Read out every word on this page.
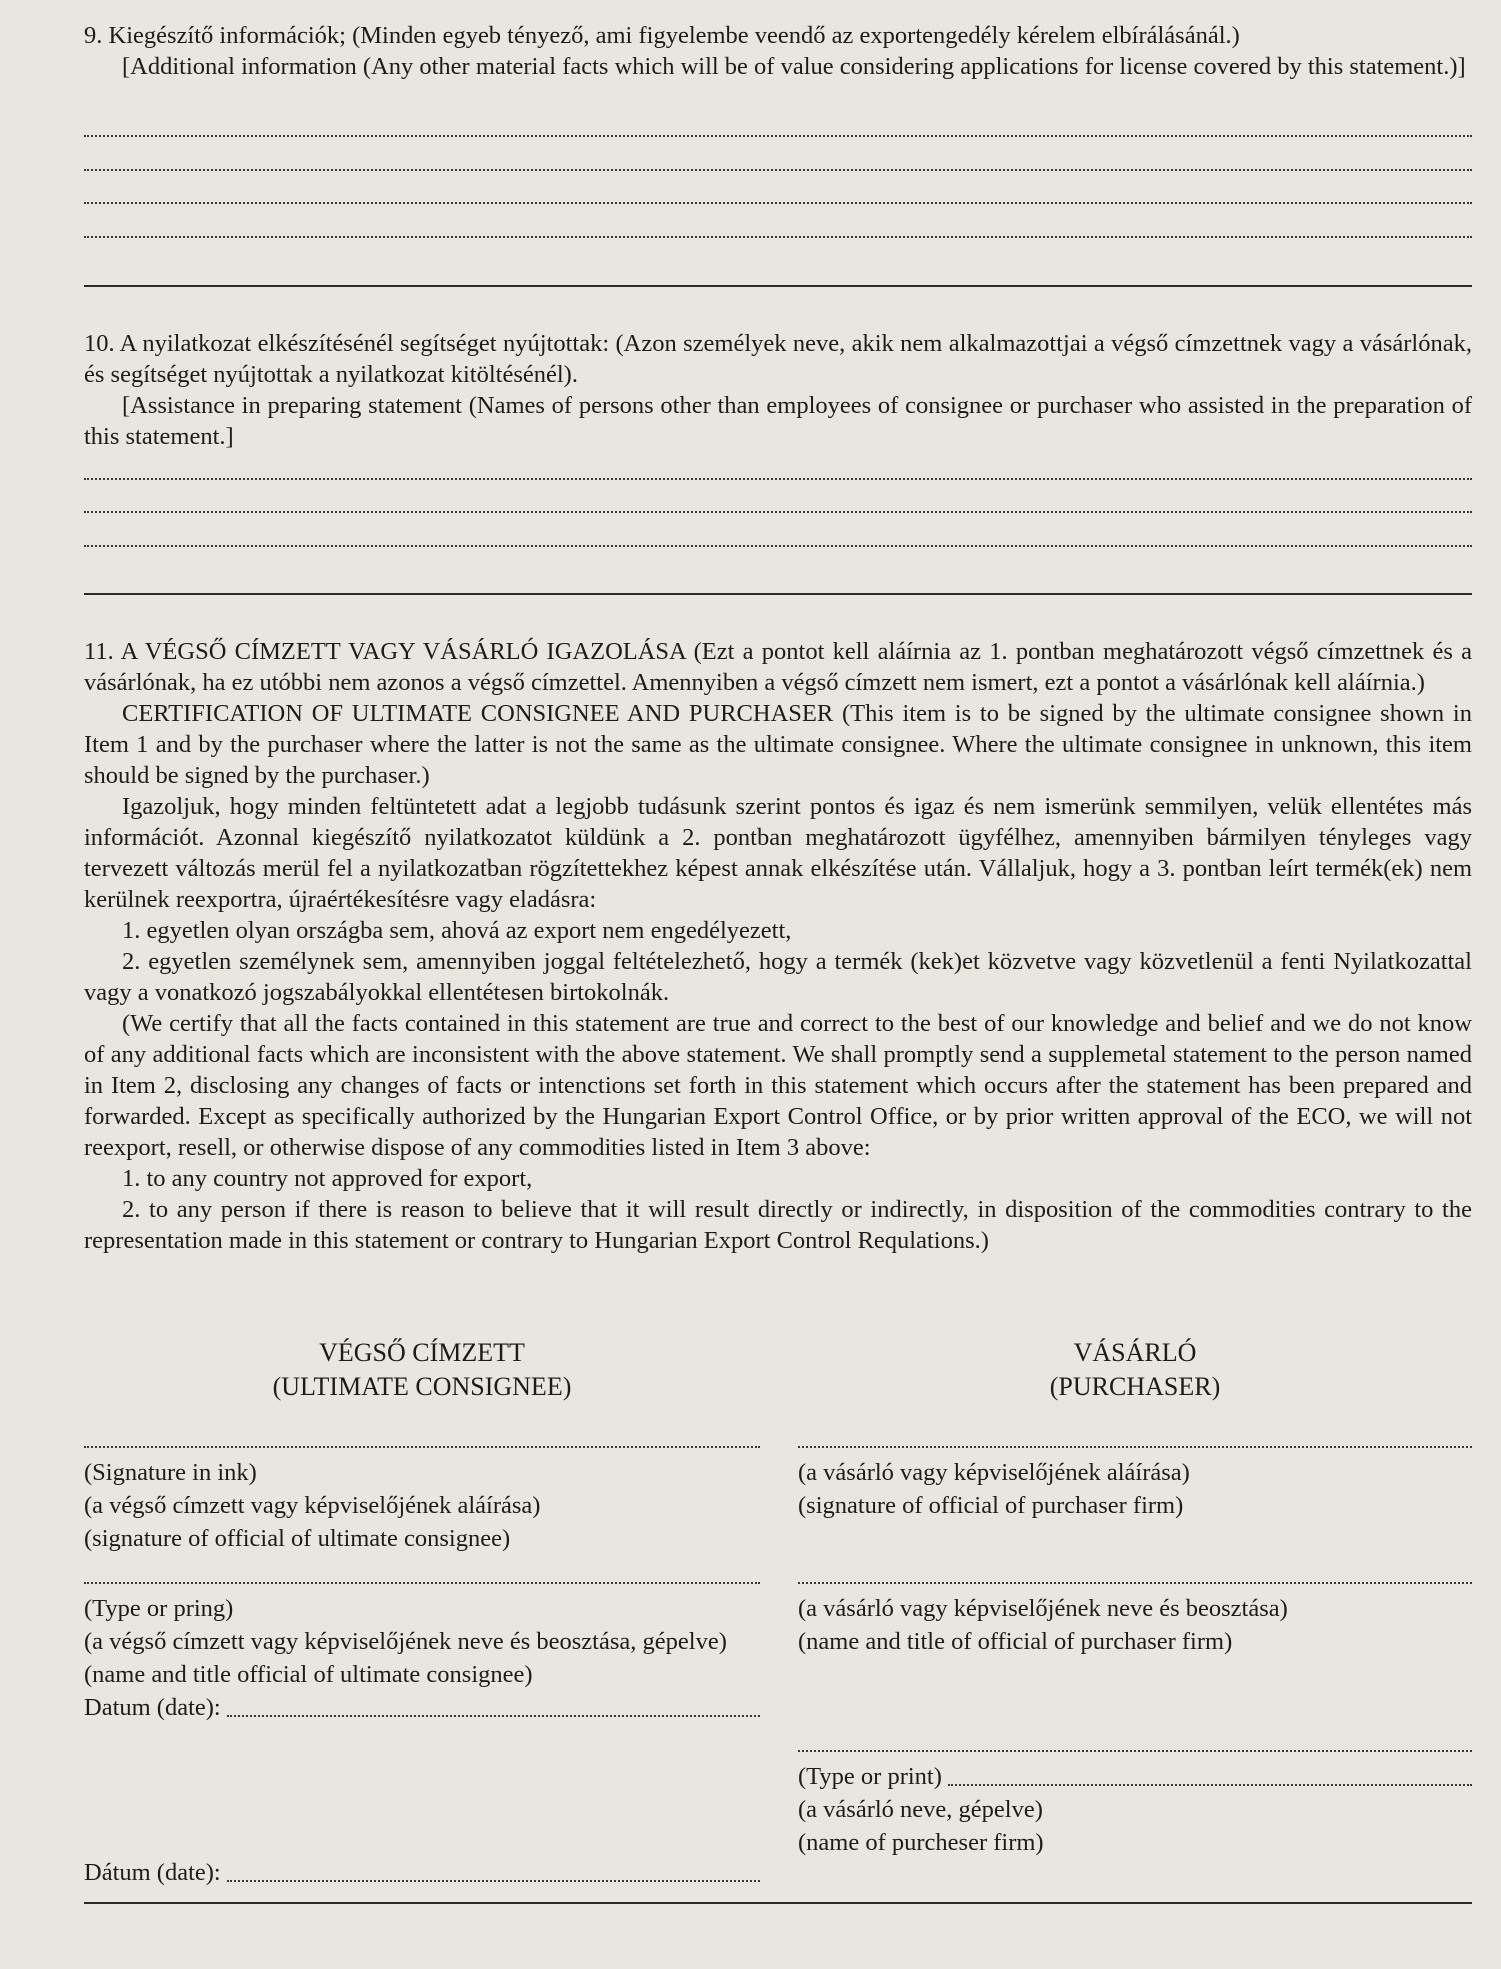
9. Kiegészítő információk; (Minden egyeb tényező, ami figyelembe veendő az exportengedély kérelem elbírálásánál.)

[Additional information (Any other material facts which will be of value considering applications for license covered by this statement.)]

10. A nyilatkozat elkészítésénél segítséget nyújtottak: (Azon személyek neve, akik nem alkalmazottjai a végső címzettnek vagy a vásárlónak, és segítséget nyújtottak a nyilatkozat kitöltésénél).

[Assistance in preparing statement (Names of persons other than employees of consignee or purchaser who assisted in the preparation of this statement.]

11. A VÉGSŐ CÍMZETT VAGY VÁSÁRLÓ IGAZOLÁSA (Ezt a pontot kell aláírnia az 1. pontban meghatározott végső címzettnek és a vásárlónak, ha ez utóbbi nem azonos a végső címzettel. Amennyiben a végső címzett nem ismert, ezt a pontot a vásárlónak kell aláírnia.)

CERTIFICATION OF ULTIMATE CONSIGNEE AND PURCHASER (This item is to be signed by the ultimate consignee shown in Item 1 and by the purchaser where the latter is not the same as the ultimate consignee. Where the ultimate consignee in unknown, this item should be signed by the purchaser.)

Igazoljuk, hogy minden feltüntetett adat a legjobb tudásunk szerint pontos és igaz és nem ismerünk semmilyen, velük ellentétes más információt. Azonnal kiegészítő nyilatkozatot küldünk a 2. pontban meghatározott ügyfélhez, amennyiben bármilyen tényleges vagy tervezett változás merül fel a nyilatkozatban rögzítettekhez képest annak elkészítése után. Vállaljuk, hogy a 3. pontban leírt termék(ek) nem kerülnek reexportra, újraértékesítésre vagy eladásra:

1. egyetlen olyan országba sem, ahová az export nem engedélyezett,

2. egyetlen személynek sem, amennyiben joggal feltételezhető, hogy a termék (kek)et közvetve vagy közvetlenül a fenti Nyilatkozattal vagy a vonatkozó jogszabályokkal ellentétesen birtokolnák.

(We certify that all the facts contained in this statement are true and correct to the best of our knowledge and belief and we do not know of any additional facts which are inconsistent with the above statement. We shall promptly send a supplemetal statement to the person named in Item 2, disclosing any changes of facts or intenctions set forth in this statement which occurs after the statement has been prepared and forwarded. Except as specifically authorized by the Hungarian Export Control Office, or by prior written approval of the ECO, we will not reexport, resell, or otherwise dispose of any commodities listed in Item 3 above:

1. to any country not approved for export,

2. to any person if there is reason to believe that it will result directly or indirectly, in disposition of the commodities contrary to the representation made in this statement or contrary to Hungarian Export Control Requlations.)

VÉGSŐ CÍMZETT
(ULTIMATE CONSIGNEE)

(Signature in ink)

(a végső címzett vagy képviselőjének aláírása)

(signature of official of ultimate consignee)

(Type or pring)

(a végső címzett vagy képviselőjének neve és beosztása, gépelve)

(name and title official of ultimate consignee)

Datum (date):
VÁSÁRLÓ
(PURCHASER)

(a vásárló vagy képviselőjének aláírása)

(signature of official of purchaser firm)

(a vásárló vagy képviselőjének neve és beosztása)

(name and title of official of purchaser firm)

(Type or print)

(a vásárló neve, gépelve)

(name of purcheser firm)

Dátum (date):
